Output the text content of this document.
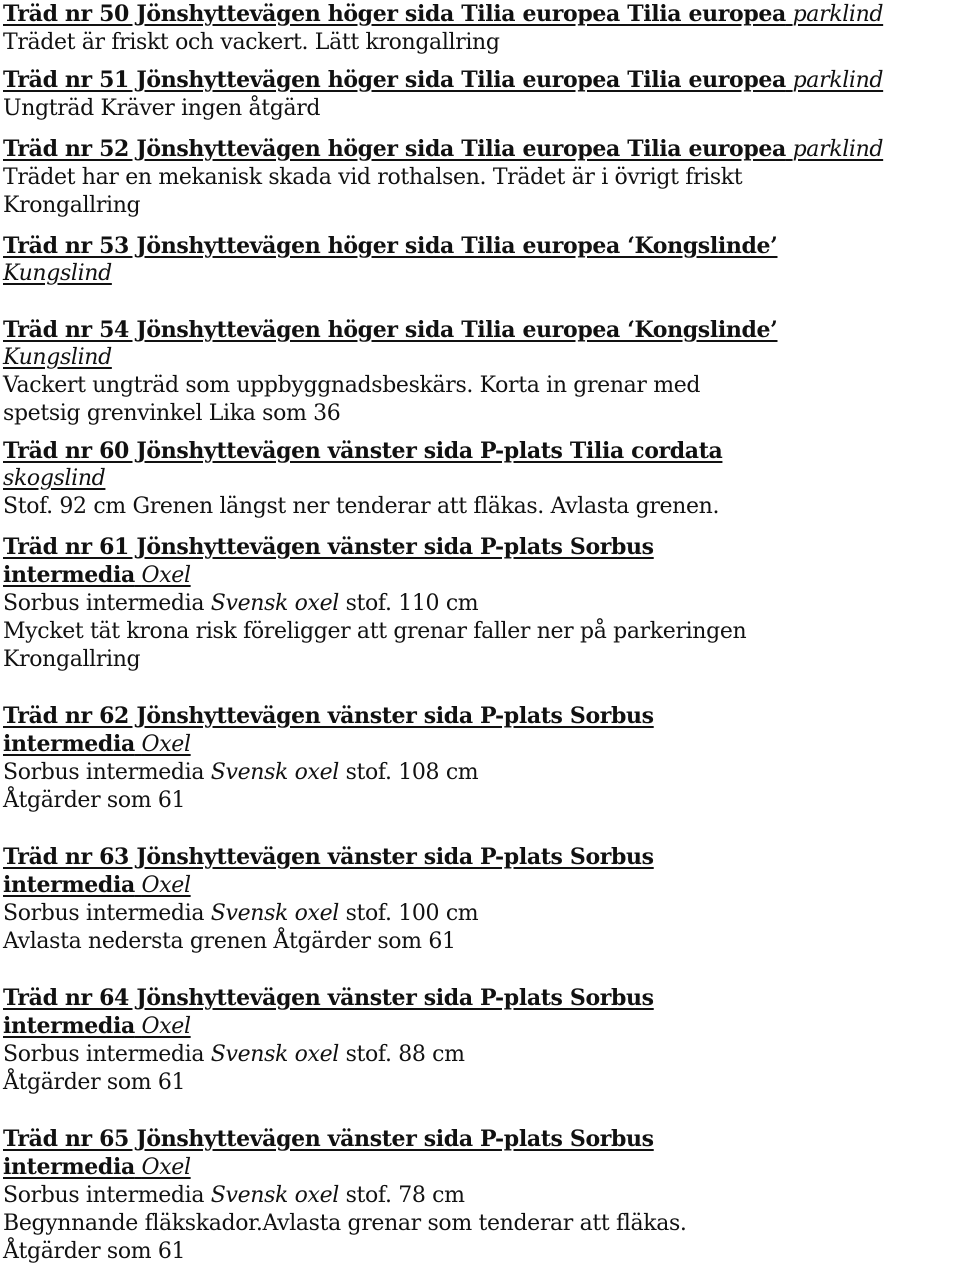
Träd nr 50 Jönshyttevägen höger sida Tilia europea Tilia europea parklind
Trädet är friskt och vackert. Lätt krongallring
Träd nr 51 Jönshyttevägen höger sida Tilia europea Tilia europea parklind
Ungträd Kräver ingen åtgärd
Träd nr 52 Jönshyttevägen höger sida Tilia europea Tilia europea parklind
Trädet har en mekanisk skada vid rothalsen. Trädet är i övrigt friskt
Krongallring
Träd nr 53 Jönshyttevägen höger sida Tilia europea ‘Kongslinde’
Kungslind
Träd nr 54 Jönshyttevägen höger sida Tilia europea ‘Kongslinde’
Kungslind
Vackert ungträd som uppbyggnadsbeskärs. Korta in grenar med
spetsig grenvinkel Lika som 36
Träd nr 60 Jönshyttevägen vänster sida P-plats Tilia cordata
skogslind
Stof. 92 cm Grenen längst ner tenderar att fläkas. Avlasta grenen.
Träd nr 61 Jönshyttevägen vänster sida P-plats Sorbus
intermedia Oxel
Sorbus intermedia Svensk oxel stof. 110 cm
Mycket tät krona risk föreligger att grenar faller ner på parkeringen
Krongallring
Träd nr 62 Jönshyttevägen vänster sida P-plats Sorbus
intermedia Oxel
Sorbus intermedia Svensk oxel stof. 108 cm
Åtgärder som 61
Träd nr 63 Jönshyttevägen vänster sida P-plats Sorbus
intermedia Oxel
Sorbus intermedia Svensk oxel stof. 100 cm
Avlasta nedersta grenen Åtgärder som 61
Träd nr 64 Jönshyttevägen vänster sida P-plats Sorbus
intermedia Oxel
Sorbus intermedia Svensk oxel stof. 88 cm
Åtgärder som 61
Träd nr 65 Jönshyttevägen vänster sida P-plats Sorbus
intermedia Oxel
Sorbus intermedia Svensk oxel stof. 78 cm
Begynnande fläkskador.Avlasta grenar som tenderar att fläkas.
Åtgärder som 61
